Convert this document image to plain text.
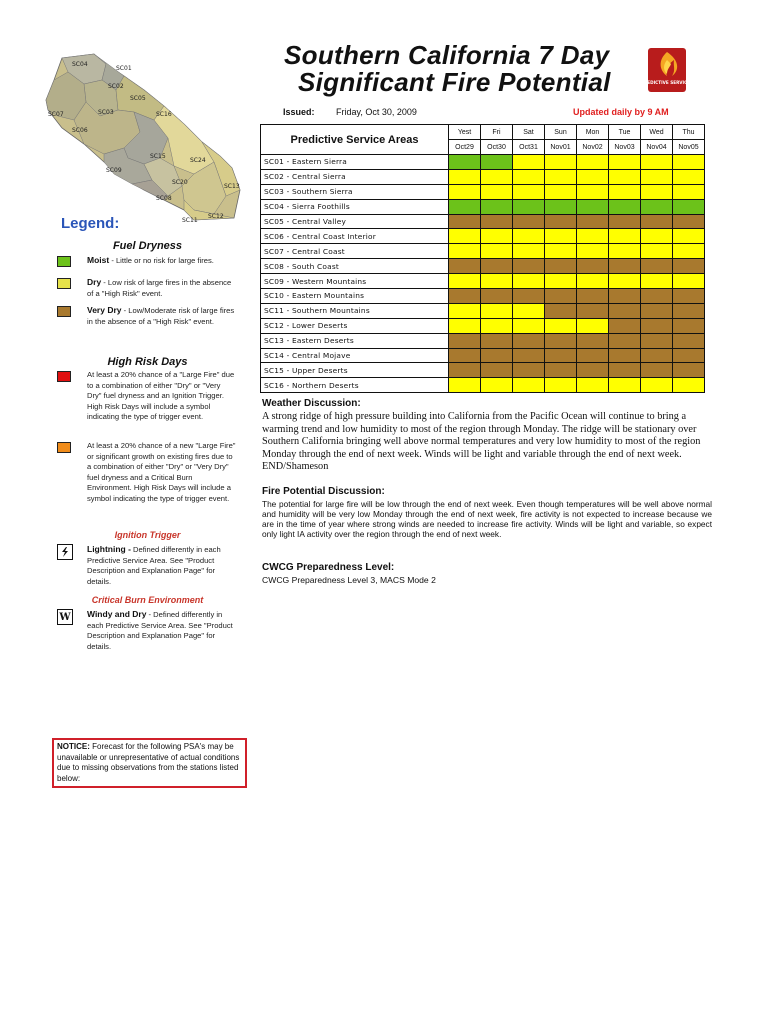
SC04
SC01
SC02
SC03
SC05
SC06
SC07	SC16
SC15
SC09
SC24
SC20
SC08
SC13
SC12
SC11
Legend:
Fuel Dryness
Moist - Little or no risk for large fires.
Dry - Low risk of large fires in the absence of a "High Risk" event.
Very Dry - Low/Moderate risk of large fires in the absence of a "High Risk" event.
High Risk Days
At least a 20% chance of a "Large Fire" due to a combination of either "Dry" or "Very Dry" fuel dryness and an Ignition Trigger. High Risk Days will include a symbol indicating the type of trigger event.
At least a 20% chance of a new "Large Fire" or significant growth on existing fires due to a combination of either "Dry" or "Very Dry" fuel dryness and a Critical Burn Environment. High Risk Days will include a symbol indicating the type of trigger event.
Ignition Trigger
Lightning - Defined differently in each Predictive Service Area. See "Product Description and Explanation Page" for details.
Critical Burn Environment
W Windy and Dry - Defined differently in each Predictive Service Area. See "Product Description and Explanation Page" for details.
NOTICE: Forecast for the following PSA's may be unavailable or unrepresentative of actual conditions due to missing observations from the stations listed below:
Southern California 7 Day
Significant Fire Potential	PREDICTIVE SERVICES
Issued: Friday, Oct 30, 2009	Updated daily by 9 AM
Predictive Service Areas	Yest	Fri	Sat	Sun	Mon	Tue	Wed	Thu
	Oct29	Oct30	Oct31	Nov01	Nov02	Nov03	Nov04	Nov05
SC01 - Eastern Sierra								
SC02 - Central Sierra								
SC03 - Southern Sierra								
SC04 - Sierra Foothills								
SC05 - Central Valley								
SC06 - Central Coast Interior								
SC07 - Central Coast								
SC08 - South Coast								
SC09 - Western Mountains								
SC10 - Eastern Mountains								
SC11 - Southern Mountains								
SC12 - Lower Deserts								
SC13 - Eastern Deserts								
SC14 - Central Mojave								
SC15 - Upper Deserts								
SC16 - Northern Deserts								
Weather Discussion:
A strong ridge of high pressure building into California from the Pacific Ocean will continue to bring a warming trend and low humidity to most of the region through Monday. The ridge will be stationary over Southern California bringing well above normal temperatures and very low humidity to most of the region Monday through the end of next week. Winds will be light and variable through the end of next week. END/Shameson
Fire Potential Discussion:
The potential for large fire will be low through the end of next week. Even though temperatures will be well above normal and humidity will be very low Monday through the end of next week, fire activity is not expected to increase because we are in the time of year where strong winds are needed to increase fire activity. Winds will be light and variable, so expect only light IA activity over the region through the end of next week.
CWCG Preparedness Level:
CWCG Preparedness Level 3, MACS Mode 2
